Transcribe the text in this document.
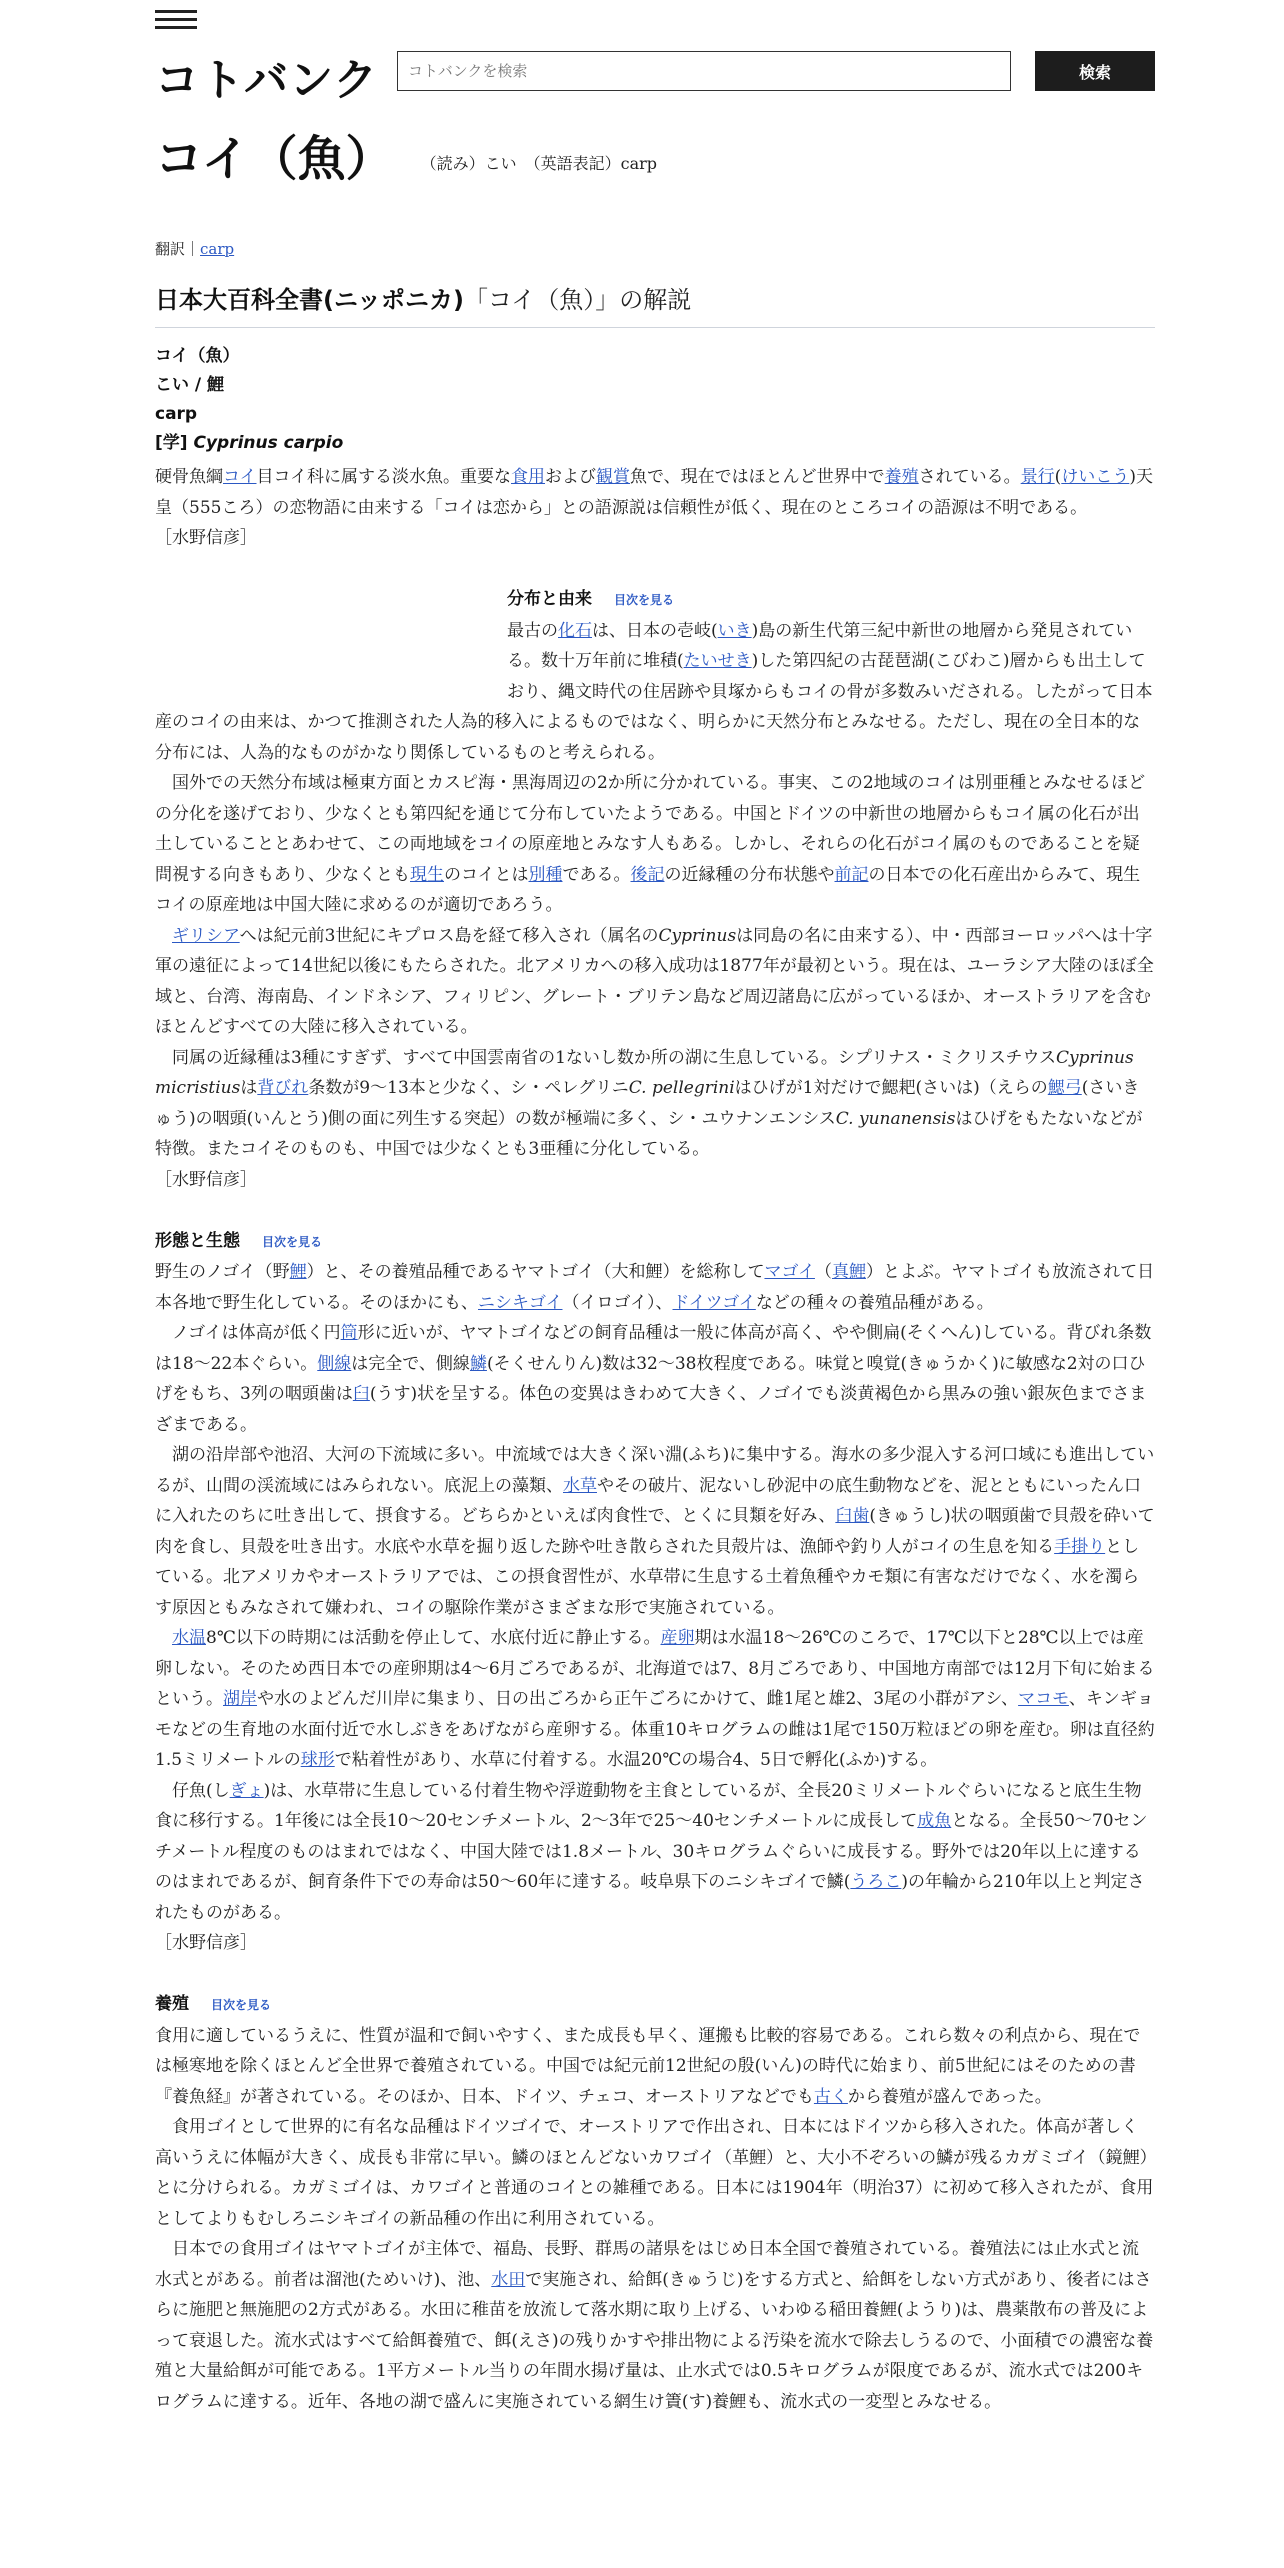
コトバンク
コトバンクを検索	検索
コイ（魚） （読み）こい　（英語表記）carp
翻訳｜carp
日本大百科全書(ニッポニカ)「コイ（魚）」の解説
コイ（魚）
こい / 鯉
carp
[学] Cyprinus carpio

硬骨魚綱コイ目コイ科に属する淡水魚。重要な食用および観賞魚で、現在ではほとんど世界中で養殖されている。景行(けいこう)天皇（555ころ）の恋物語に由来する「コイは恋から」との語源説は信頼性が低く、現在のところコイの語源は不明である。

［水野信彦］

分布と由来 目次を見る

最古の化石は、日本の壱岐(いき)島の新生代第三紀中新世の地層から発見されている。数十万年前に堆積(たいせき)した第四紀の古琵琶湖(こびわこ)層からも出土しており、縄文時代の住居跡や貝塚からもコイの骨が多数みいだされる。したがって日本産のコイの由来は、かつて推測された人為的移入によるものではなく、明らかに天然分布とみなせる。ただし、現在の全日本的な分布には、人為的なものがかなり関係しているものと考えられる。

国外での天然分布域は極東方面とカスピ海・黒海周辺の2か所に分かれている。事実、この2地域のコイは別亜種とみなせるほどの分化を遂げており、少なくとも第四紀を通じて分布していたようである。中国とドイツの中新世の地層からもコイ属の化石が出土していることとあわせて、この両地域をコイの原産地とみなす人もある。しかし、それらの化石がコイ属のものであることを疑問視する向きもあり、少なくとも現生のコイとは別種である。後記の近縁種の分布状態や前記の日本での化石産出からみて、現生コイの原産地は中国大陸に求めるのが適切であろう。

ギリシアへは紀元前3世紀にキプロス島を経て移入され（属名のCyprinusは同島の名に由来する）、中・西部ヨーロッパへは十字軍の遠征によって14世紀以後にもたらされた。北アメリカへの移入成功は1877年が最初という。現在は、ユーラシア大陸のほぼ全域と、台湾、海南島、インドネシア、フィリピン、グレート・ブリテン島など周辺諸島に広がっているほか、オーストラリアを含むほとんどすべての大陸に移入されている。

同属の近縁種は3種にすぎず、すべて中国雲南省の1ないし数か所の湖に生息している。シプリナス・ミクリスチウスCyprinus micristiusは背びれ条数が9～13本と少なく、シ・ペレグリニC. pellegriniはひげが1対だけで鰓耙(さいは)（えらの鰓弓(さいきゅう)の咽頭(いんとう)側の面に列生する突起）の数が極端に多く、シ・ユウナンエンシスC. yunanensisはひげをもたないなどが特徴。またコイそのものも、中国では少なくとも3亜種に分化している。

［水野信彦］

形態と生態 目次を見る

野生のノゴイ（野鯉）と、その養殖品種であるヤマトゴイ（大和鯉）を総称してマゴイ（真鯉）とよぶ。ヤマトゴイも放流されて日本各地で野生化している。そのほかにも、ニシキゴイ（イロゴイ）、ドイツゴイなどの種々の養殖品種がある。

ノゴイは体高が低く円筒形に近いが、ヤマトゴイなどの飼育品種は一般に体高が高く、やや側扁(そくへん)している。背びれ条数は18～22本ぐらい。側線は完全で、側線鱗(そくせんりん)数は32～38枚程度である。味覚と嗅覚(きゅうかく)に敏感な2対の口ひげをもち、3列の咽頭歯は臼(うす)状を呈する。体色の変異はきわめて大きく、ノゴイでも淡黄褐色から黒みの強い銀灰色までさまざまである。

湖の沿岸部や池沼、大河の下流域に多い。中流域では大きく深い淵(ふち)に集中する。海水の多少混入する河口域にも進出しているが、山間の渓流域にはみられない。底泥上の藻類、水草やその破片、泥ないし砂泥中の底生動物などを、泥とともにいったん口に入れたのちに吐き出して、摂食する。どちらかといえば肉食性で、とくに貝類を好み、臼歯(きゅうし)状の咽頭歯で貝殻を砕いて肉を食し、貝殻を吐き出す。水底や水草を掘り返した跡や吐き散らされた貝殻片は、漁師や釣り人がコイの生息を知る手掛りとしている。北アメリカやオーストラリアでは、この摂食習性が、水草帯に生息する土着魚種やカモ類に有害なだけでなく、水を濁らす原因ともみなされて嫌われ、コイの駆除作業がさまざまな形で実施されている。

水温8℃以下の時期には活動を停止して、水底付近に静止する。産卵期は水温18～26℃のころで、17℃以下と28℃以上では産卵しない。そのため西日本での産卵期は4～6月ごろであるが、北海道では7、8月ごろであり、中国地方南部では12月下旬に始まるという。湖岸や水のよどんだ川岸に集まり、日の出ごろから正午ごろにかけて、雌1尾と雄2、3尾の小群がアシ、マコモ、キンギョモなどの生育地の水面付近で水しぶきをあげながら産卵する。体重10キログラムの雌は1尾で150万粒ほどの卵を産む。卵は直径約1.5ミリメートルの球形で粘着性があり、水草に付着する。水温20℃の場合4、5日で孵化(ふか)する。

仔魚(しぎょ)は、水草帯に生息している付着生物や浮遊動物を主食としているが、全長20ミリメートルぐらいになると底生生物食に移行する。1年後には全長10～20センチメートル、2～3年で25～40センチメートルに成長して成魚となる。全長50～70センチメートル程度のものはまれではなく、中国大陸では1.8メートル、30キログラムぐらいに成長する。野外では20年以上に達するのはまれであるが、飼育条件下での寿命は50～60年に達する。岐阜県下のニシキゴイで鱗(うろこ)の年輪から210年以上と判定されたものがある。

［水野信彦］

養殖 目次を見る

食用に適しているうえに、性質が温和で飼いやすく、また成長も早く、運搬も比較的容易である。これら数々の利点から、現在では極寒地を除くほとんど全世界で養殖されている。中国では紀元前12世紀の殷(いん)の時代に始まり、前5世紀にはそのための書『養魚経』が著されている。そのほか、日本、ドイツ、チェコ、オーストリアなどでも古くから養殖が盛んであった。

食用ゴイとして世界的に有名な品種はドイツゴイで、オーストリアで作出され、日本にはドイツから移入された。体高が著しく高いうえに体幅が大きく、成長も非常に早い。鱗のほとんどないカワゴイ（革鯉）と、大小不ぞろいの鱗が残るカガミゴイ（鏡鯉）とに分けられる。カガミゴイは、カワゴイと普通のコイとの雑種である。日本には1904年（明治37）に初めて移入されたが、食用としてよりもむしろニシキゴイの新品種の作出に利用されている。

日本での食用ゴイはヤマトゴイが主体で、福島、長野、群馬の諸県をはじめ日本全国で養殖されている。養殖法には止水式と流水式とがある。前者は溜池(ためいけ)、池、水田で実施され、給餌(きゅうじ)をする方式と、給餌をしない方式があり、後者にはさらに施肥と無施肥の2方式がある。水田に稚苗を放流して落水期に取り上げる、いわゆる稲田養鯉(ようり)は、農薬散布の普及によって衰退した。流水式はすべて給餌養殖で、餌(えさ)の残りかすや排出物による汚染を流水で除去しうるので、小面積での濃密な養殖と大量給餌が可能である。1平方メートル当りの年間水揚げ量は、止水式では0.5キログラムが限度であるが、流水式では200キログラムに達する。近年、各地の湖で盛んに実施されている網生け簀(す)養鯉も、流水式の一変型とみなせる。
